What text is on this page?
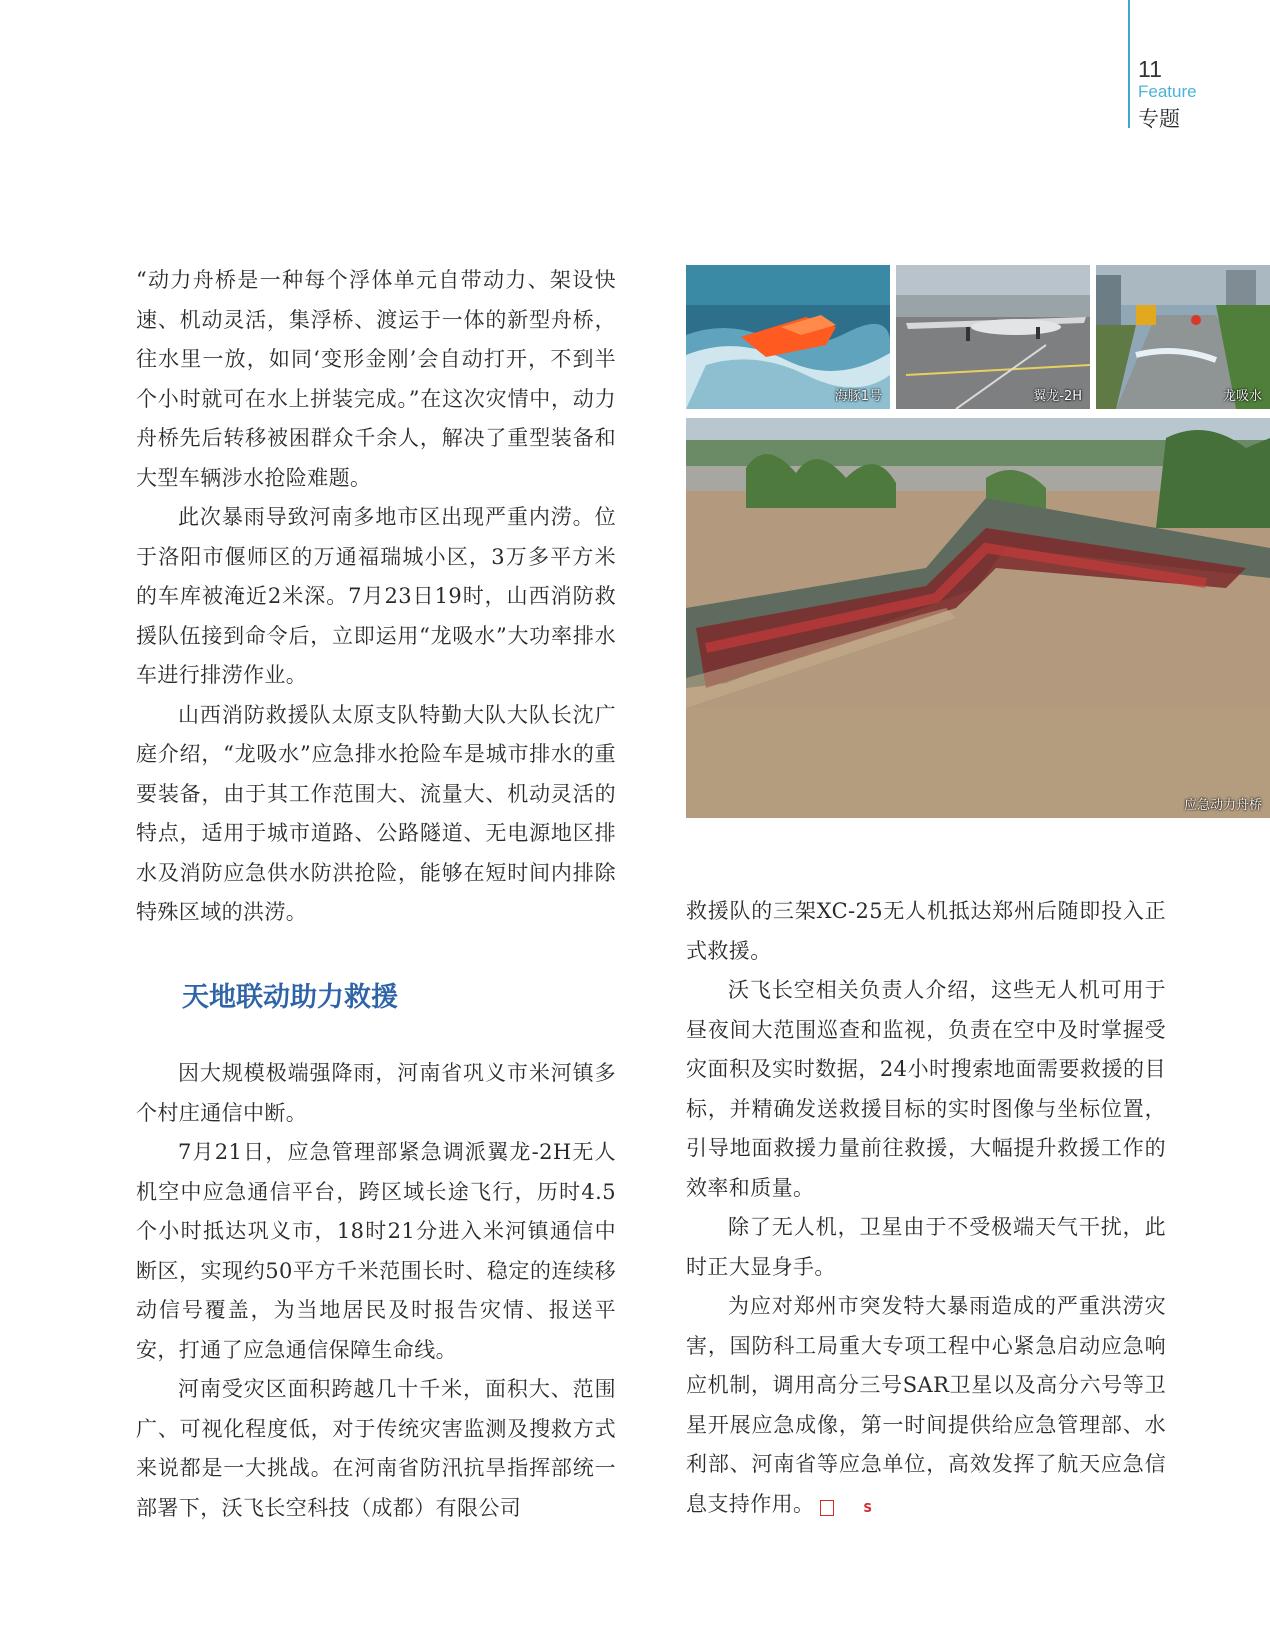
11
Feature
专题
海豚1号	翼龙-2H	龙吸水
应急动力舟桥

“动力舟桥是一种每个浮体单元自带动力、架设快速、机动灵活，集浮桥、渡运于一体的新型舟桥，往水里一放，如同‘变形金刚’会自动打开，不到半个小时就可在水上拼装完成。”在这次灾情中，动力舟桥先后转移被困群众千余人，解决了重型装备和大型车辆涉水抢险难题。

此次暴雨导致河南多地市区出现严重内涝。位于洛阳市偃师区的万通福瑞城小区，3万多平方米的车库被淹近2米深。7月23日19时，山西消防救援队伍接到命令后，立即运用“龙吸水”大功率排水车进行排涝作业。

山西消防救援队太原支队特勤大队大队长沈广庭介绍，“龙吸水”应急排水抢险车是城市排水的重要装备，由于其工作范围大、流量大、机动灵活的特点，适用于城市道路、公路隧道、无电源地区排水及消防应急供水防洪抢险，能够在短时间内排除特殊区域的洪涝。

天地联动助力救援

因大规模极端强降雨，河南省巩义市米河镇多个村庄通信中断。

7月21日，应急管理部紧急调派翼龙-2H无人机空中应急通信平台，跨区域长途飞行，历时4.5个小时抵达巩义市，18时21分进入米河镇通信中断区，实现约50平方千米范围长时、稳定的连续移动信号覆盖，为当地居民及时报告灾情、报送平安，打通了应急通信保障生命线。

河南受灾区面积跨越几十千米，面积大、范围广、可视化程度低，对于传统灾害监测及搜救方式来说都是一大挑战。在河南省防汛抗旱指挥部统一部署下，沃飞长空科技（成都）有限公司

救援队的三架XC-25无人机抵达郑州后随即投入正式救援。

沃飞长空相关负责人介绍，这些无人机可用于昼夜间大范围巡查和监视，负责在空中及时掌握受灾面积及实时数据，24小时搜索地面需要救援的目标，并精确发送救援目标的实时图像与坐标位置，引导地面救援力量前往救援，大幅提升救援工作的效率和质量。

除了无人机，卫星由于不受极端天气干扰，此时正大显身手。

为应对郑州市突发特大暴雨造成的严重洪涝灾害，国防科工局重大专项工程中心紧急启动应急响应机制，调用高分三号SAR卫星以及高分六号等卫星开展应急成像，第一时间提供给应急管理部、水利部、河南省等应急单位，高效发挥了航天应急信息支持作用。	S
